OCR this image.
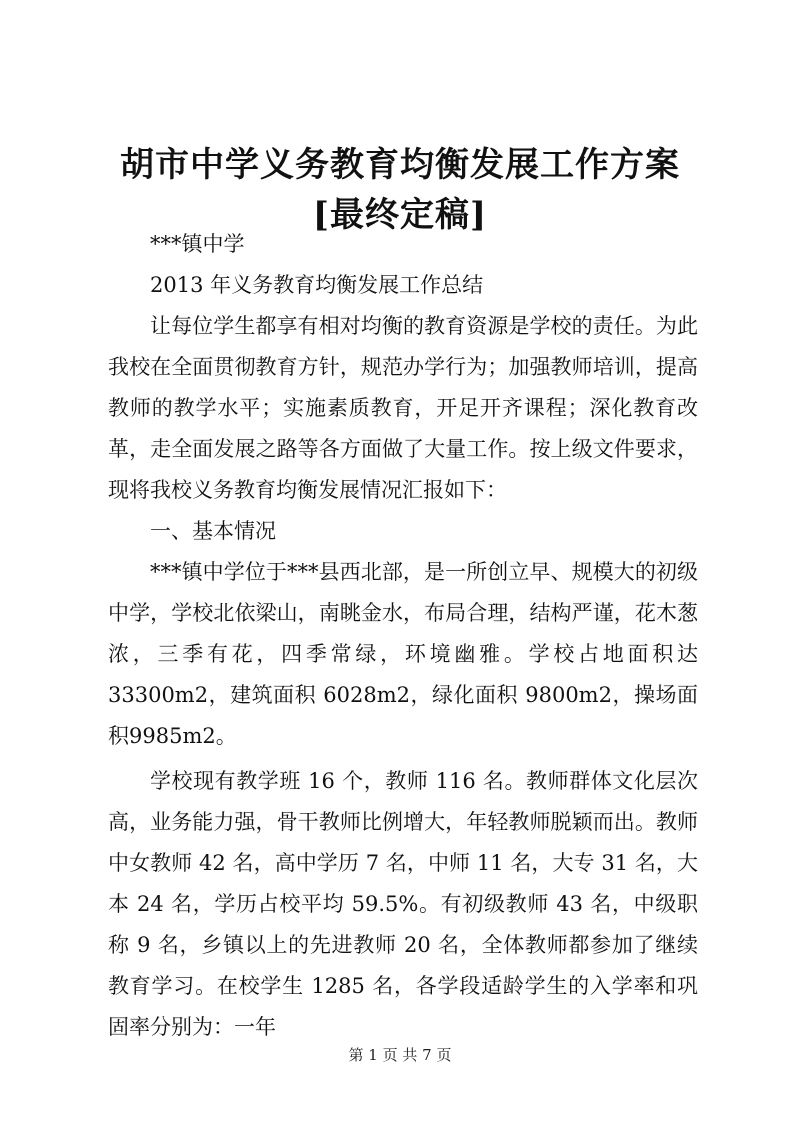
胡市中学义务教育均衡发展工作方案[最终定稿]

***镇中学

2013 年义务教育均衡发展工作总结

让每位学生都享有相对均衡的教育资源是学校的责任。为此我校在全面贯彻教育方针，规范办学行为；加强教师培训，提高教师的教学水平；实施素质教育，开足开齐课程；深化教育改革，走全面发展之路等各方面做了大量工作。按上级文件要求，现将我校义务教育均衡发展情况汇报如下：

一、基本情况

***镇中学位于***县西北部，是一所创立早、规模大的初级中学，学校北依梁山，南眺金水，布局合理，结构严谨，花木葱浓，三季有花，四季常绿，环境幽雅。学校占地面积达33300m2，建筑面积 6028m2，绿化面积 9800m2，操场面积9985m2。

学校现有教学班 16 个，教师 116 名。教师群体文化层次高，业务能力强，骨干教师比例增大，年轻教师脱颖而出。教师中女教师 42 名，高中学历 7 名，中师 11 名，大专 31 名，大本 24 名，学历占校平均 59.5%。有初级教师 43 名，中级职称 9 名，乡镇以上的先进教师 20 名，全体教师都参加了继续教育学习。在校学生 1285 名，各学段适龄学生的入学率和巩固率分别为：一年

第 1 页 共 7 页
